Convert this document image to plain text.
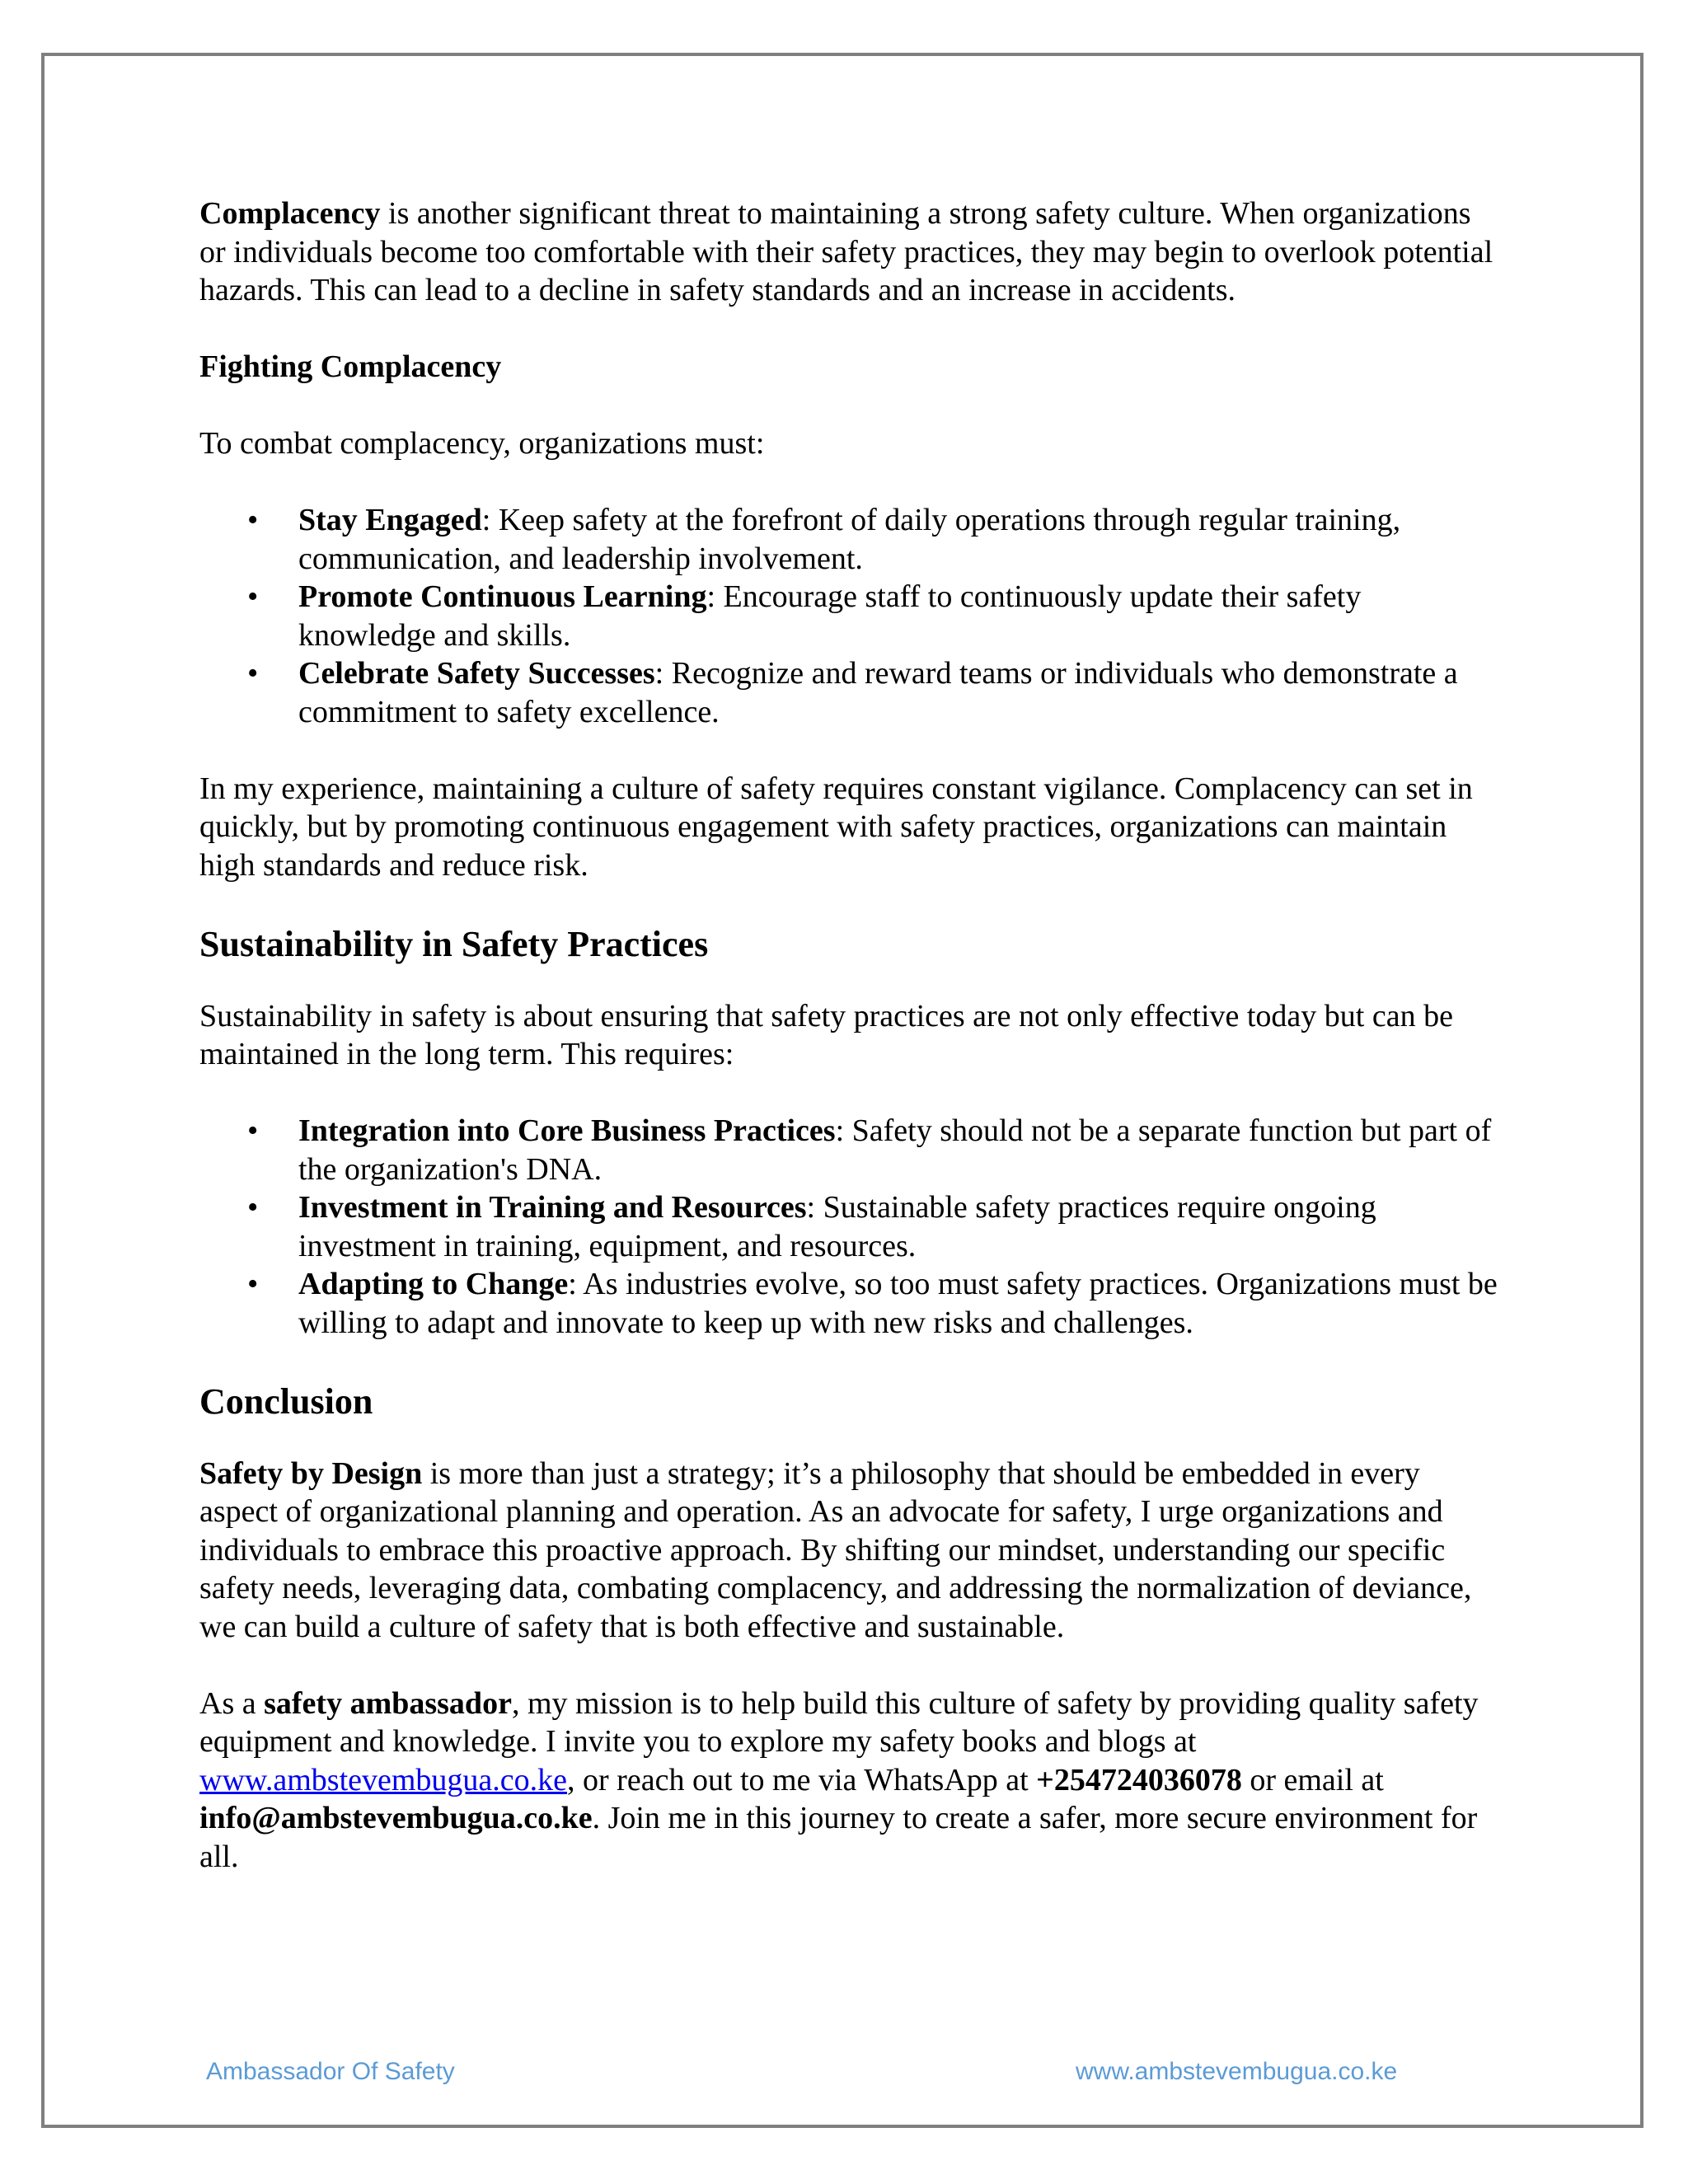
Complacency is another significant threat to maintaining a strong safety culture. When organizations or individuals become too comfortable with their safety practices, they may begin to overlook potential hazards. This can lead to a decline in safety standards and an increase in accidents.

Fighting Complacency

To combat complacency, organizations must:

• Stay Engaged: Keep safety at the forefront of daily operations through regular training, communication, and leadership involvement.
• Promote Continuous Learning: Encourage staff to continuously update their safety knowledge and skills.
• Celebrate Safety Successes: Recognize and reward teams or individuals who demonstrate a commitment to safety excellence.

In my experience, maintaining a culture of safety requires constant vigilance. Complacency can set in quickly, but by promoting continuous engagement with safety practices, organizations can maintain high standards and reduce risk.

Sustainability in Safety Practices

Sustainability in safety is about ensuring that safety practices are not only effective today but can be maintained in the long term. This requires:

• Integration into Core Business Practices: Safety should not be a separate function but part of the organization's DNA.
• Investment in Training and Resources: Sustainable safety practices require ongoing investment in training, equipment, and resources.
• Adapting to Change: As industries evolve, so too must safety practices. Organizations must be willing to adapt and innovate to keep up with new risks and challenges.
Conclusion

Safety by Design is more than just a strategy; it’s a philosophy that should be embedded in every aspect of organizational planning and operation. As an advocate for safety, I urge organizations and individuals to embrace this proactive approach. By shifting our mindset, understanding our specific safety needs, leveraging data, combating complacency, and addressing the normalization of deviance, we can build a culture of safety that is both effective and sustainable.

As a safety ambassador, my mission is to help build this culture of safety by providing quality safety equipment and knowledge. I invite you to explore my safety books and blogs at www.ambstevembugua.co.ke, or reach out to me via WhatsApp at +254724036078 or email at info@ambstevembugua.co.ke. Join me in this journey to create a safer, more secure environment for all.

Ambassador Of Safety	www.ambstevembugua.co.ke
